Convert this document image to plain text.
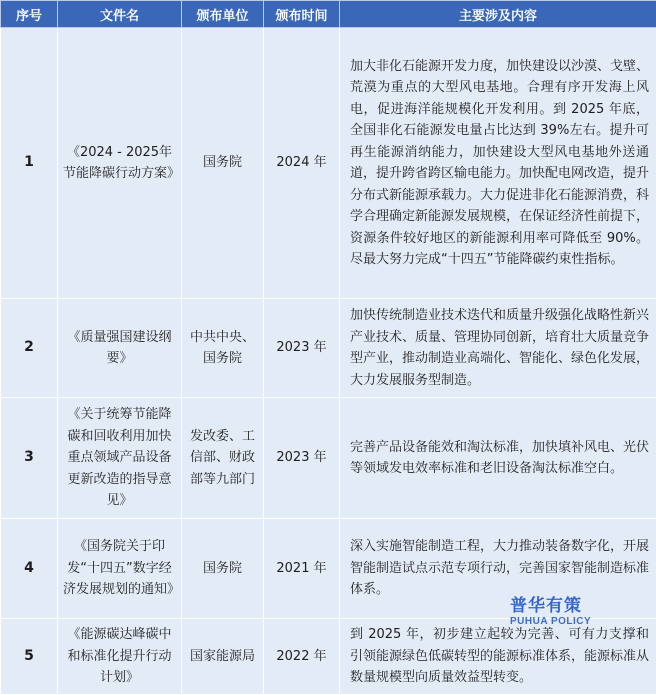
序号	文件名	颁布单位	颁布时间	主要涉及内容
1	《2024 - 2025年节能降碳行动方案》	国务院	2024 年	加大非化石能源开发力度，加快建设以沙漠、戈壁、荒漠为重点的大型风电基地。合理有序开发海上风电，促进海洋能规模化开发利用。到 2025 年底，全国非化石能源发电量占比达到 39%左右。提升可再生能源消纳能力，加快建设大型风电基地外送通道，提升跨省跨区输电能力。加快配电网改造，提升分布式新能源承载力。大力促进非化石能源消费，科学合理确定新能源发展规模，在保证经济性前提下，资源条件较好地区的新能源利用率可降低至 90%。尽最大努力完成“十四五”节能降碳约束性指标。
2	《质量强国建设纲要》	中共中央、国务院	2023 年	加快传统制造业技术迭代和质量升级强化战略性新兴产业技术、质量、管理协同创新，培育壮大质量竞争型产业，推动制造业高端化、智能化、绿色化发展，大力发展服务型制造。
3	《关于统筹节能降碳和回收利用加快重点领域产品设备更新改造的指导意见》	发改委、工信部、财政部等九部门	2023 年	完善产品设备能效和淘汰标准，加快填补风电、光伏等领域发电效率标准和老旧设备淘汰标准空白。
4	《国务院关于印发“十四五”数字经济发展规划的通知》	国务院	2021 年	深入实施智能制造工程，大力推动装备数字化，开展智能制造试点示范专项行动，完善国家智能制造标准体系。
5	《能源碳达峰碳中和标准化提升行动计划》	国家能源局	2022 年	到 2025 年，初步建立起较为完善、可有力支撑和引领能源绿色低碳转型的能源标准体系，能源标准从数量规模型向质量效益型转变。
普华有策
PUHUA POLICY
